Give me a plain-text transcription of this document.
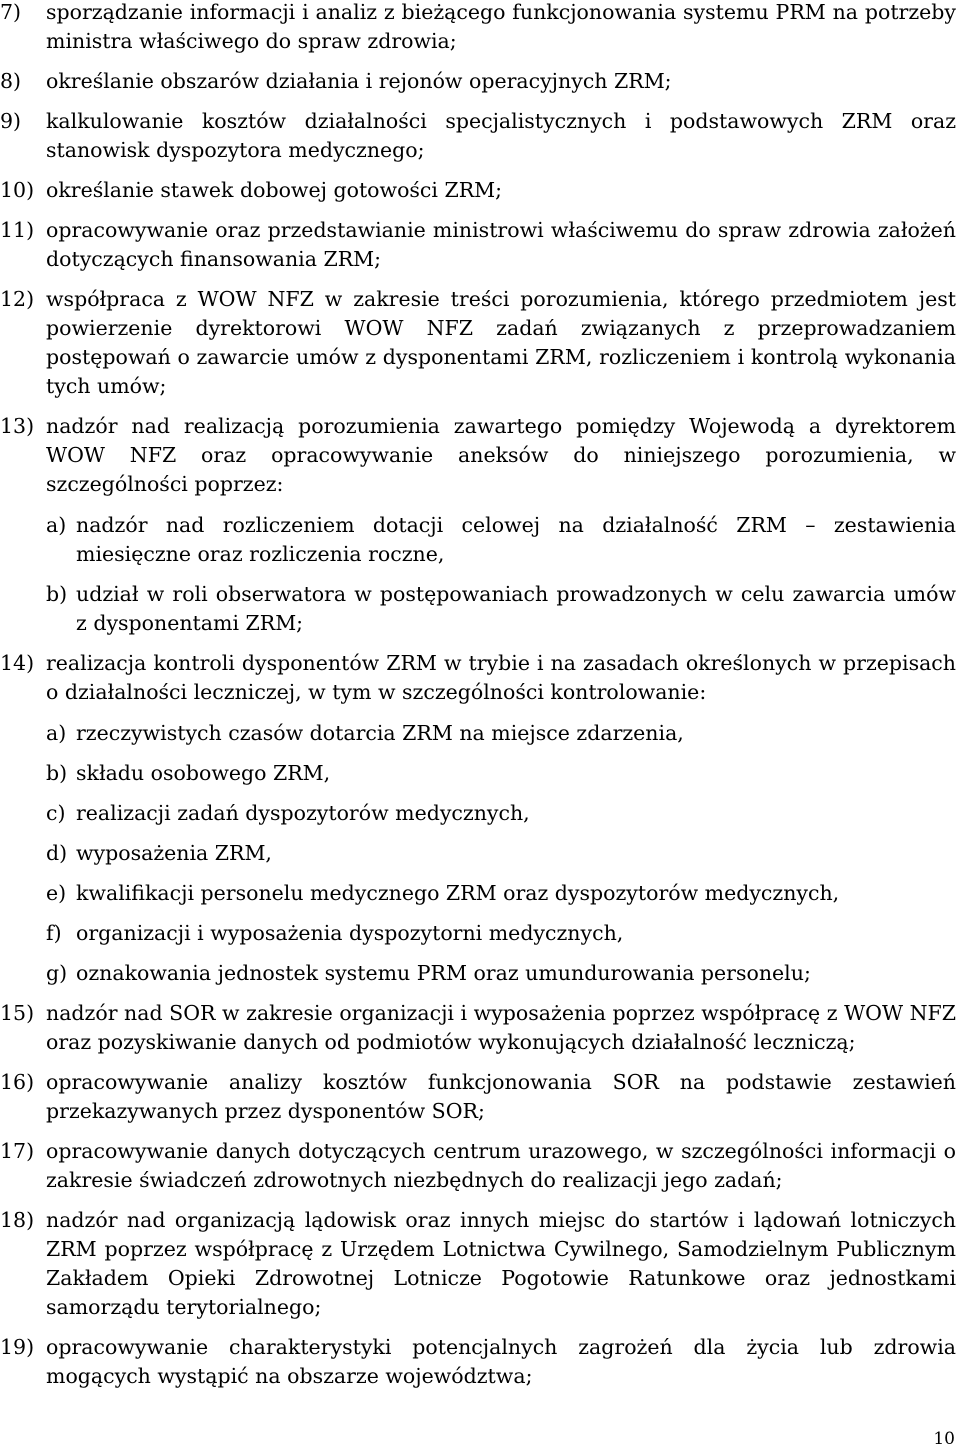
7) sporządzanie informacji i analiz z bieżącego funkcjonowania systemu PRM na potrzeby ministra właściwego do spraw zdrowia;
8) określanie obszarów działania i rejonów operacyjnych ZRM;
9) kalkulowanie kosztów działalności specjalistycznych i podstawowych ZRM oraz stanowisk dyspozytora medycznego;
10) określanie stawek dobowej gotowości ZRM;
11) opracowywanie oraz przedstawianie ministrowi właściwemu do spraw zdrowia założeń dotyczących finansowania ZRM;
12) współpraca z WOW NFZ w zakresie treści porozumienia, którego przedmiotem jest powierzenie dyrektorowi WOW NFZ zadań związanych z przeprowadzaniem postępowań o zawarcie umów z dysponentami ZRM, rozliczeniem i kontrolą wykonania tych umów;
13) nadzór nad realizacją porozumienia zawartego pomiędzy Wojewodą a dyrektorem WOW NFZ oraz opracowywanie aneksów do niniejszego porozumienia, w szczególności poprzez:
a) nadzór nad rozliczeniem dotacji celowej na działalność ZRM – zestawienia miesięczne oraz rozliczenia roczne,
b) udział w roli obserwatora w postępowaniach prowadzonych w celu zawarcia umów z dysponentami ZRM;
14) realizacja kontroli dysponentów ZRM w trybie i na zasadach określonych w przepisach o działalności leczniczej, w tym w szczególności kontrolowanie:
a) rzeczywistych czasów dotarcia ZRM na miejsce zdarzenia,
b) składu osobowego ZRM,
c) realizacji zadań dyspozytorów medycznych,
d) wyposażenia ZRM,
e) kwalifikacji personelu medycznego ZRM oraz dyspozytorów medycznych,
f) organizacji i wyposażenia dyspozytorni medycznych,
g) oznakowania jednostek systemu PRM oraz umundurowania personelu;
15) nadzór nad SOR w zakresie organizacji i wyposażenia poprzez współpracę z WOW NFZ oraz pozyskiwanie danych od podmiotów wykonujących działalność leczniczą;
16) opracowywanie analizy kosztów funkcjonowania SOR na podstawie zestawień przekazywanych przez dysponentów SOR;
17) opracowywanie danych dotyczących centrum urazowego, w szczególności informacji o zakresie świadczeń zdrowotnych niezbędnych do realizacji jego zadań;
18) nadzór nad organizacją lądowisk oraz innych miejsc do startów i lądowań lotniczych ZRM poprzez współpracę z Urzędem Lotnictwa Cywilnego, Samodzielnym Publicznym Zakładem Opieki Zdrowotnej Lotnicze Pogotowie Ratunkowe oraz jednostkami samorządu terytorialnego;
19) opracowywanie charakterystyki potencjalnych zagrożeń dla życia lub zdrowia mogących wystąpić na obszarze województwa;
10
